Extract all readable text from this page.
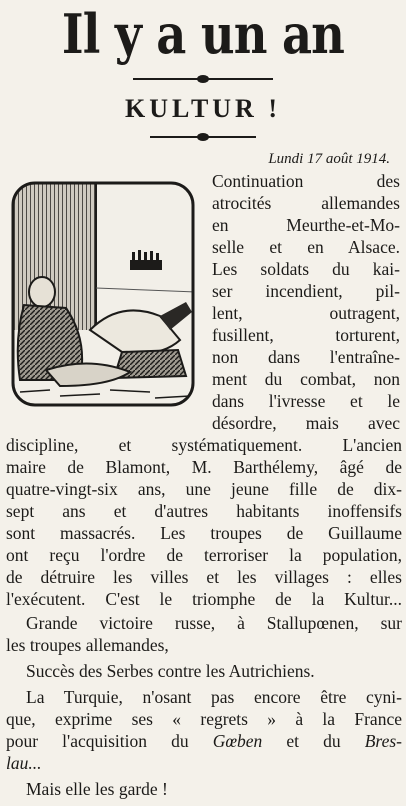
Il y a un an
KULTUR !
Lundi 17 août 1914.
Continuation des
atrocités allemandes
en Meurthe-et-Mo-
selle et en Alsace.
Les soldats du kai-
ser incendient, pil-
lent, outragent,
fusillent, torturent,
non dans l'entraîne-
ment du combat, non
dans l'ivresse et le
désordre, mais avec
discipline, et systématiquement. L'ancien
maire de Blamont, M. Barthélemy, âgé de
quatre-vingt-six ans, une jeune fille de dix-
sept ans et d'autres habitants inoffensifs
sont massacrés. Les troupes de Guillaume
ont reçu l'ordre de terroriser la population,
de détruire les villes et les villages : elles
l'exécutent. C'est le triomphe de la Kultur...
Grande victoire russe, à Stallupœnen, sur
les troupes allemandes,
Succès des Serbes contre les Autrichiens.
La Turquie, n'osant pas encore être cyni-
que, exprime ses « regrets » à la France
pour l'acquisition du Gœben et du Bres-
lau...
Mais elle les garde !
